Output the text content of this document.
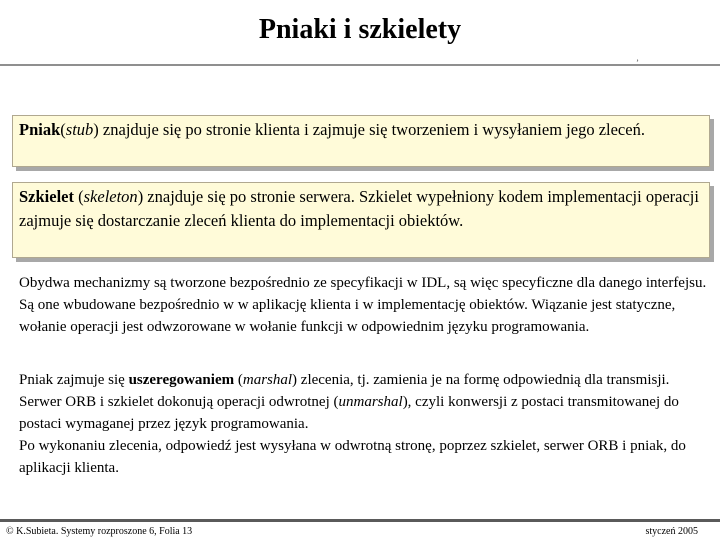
Pniaki i szkielety
’
Pniak(stub) znajduje się po stronie klienta i zajmuje się tworzeniem i wysyłaniem jego zleceń.
Szkielet (skeleton) znajduje się po stronie serwera. Szkielet wypełniony kodem implementacji operacji zajmuje się dostarczanie zleceń klienta do implementacji obiektów.
Obydwa mechanizmy są tworzone bezpośrednio ze specyfikacji w IDL, są więc specyficzne dla danego interfejsu. Są one wbudowane bezpośrednio w w aplikację klienta i w implementację obiektów. Wiązanie jest statyczne, wołanie operacji jest odwzorowane w wołanie funkcji w odpowiednim języku programowania.
Pniak zajmuje się uszeregowaniem (marshal) zlecenia, tj. zamienia je na formę odpowiednią dla transmisji. Serwer ORB i szkielet dokonują operacji odwrotnej (unmarshal), czyli konwersji z postaci transmitowanej do postaci wymaganej przez język programowania.
Po wykonaniu zlecenia, odpowiedź jest wysyłana w odwrotną stronę, poprzez szkielet, serwer ORB i pniak, do aplikacji klienta.
© K.Subieta. Systemy rozproszone 6, Folia 13	styczeń 2005
